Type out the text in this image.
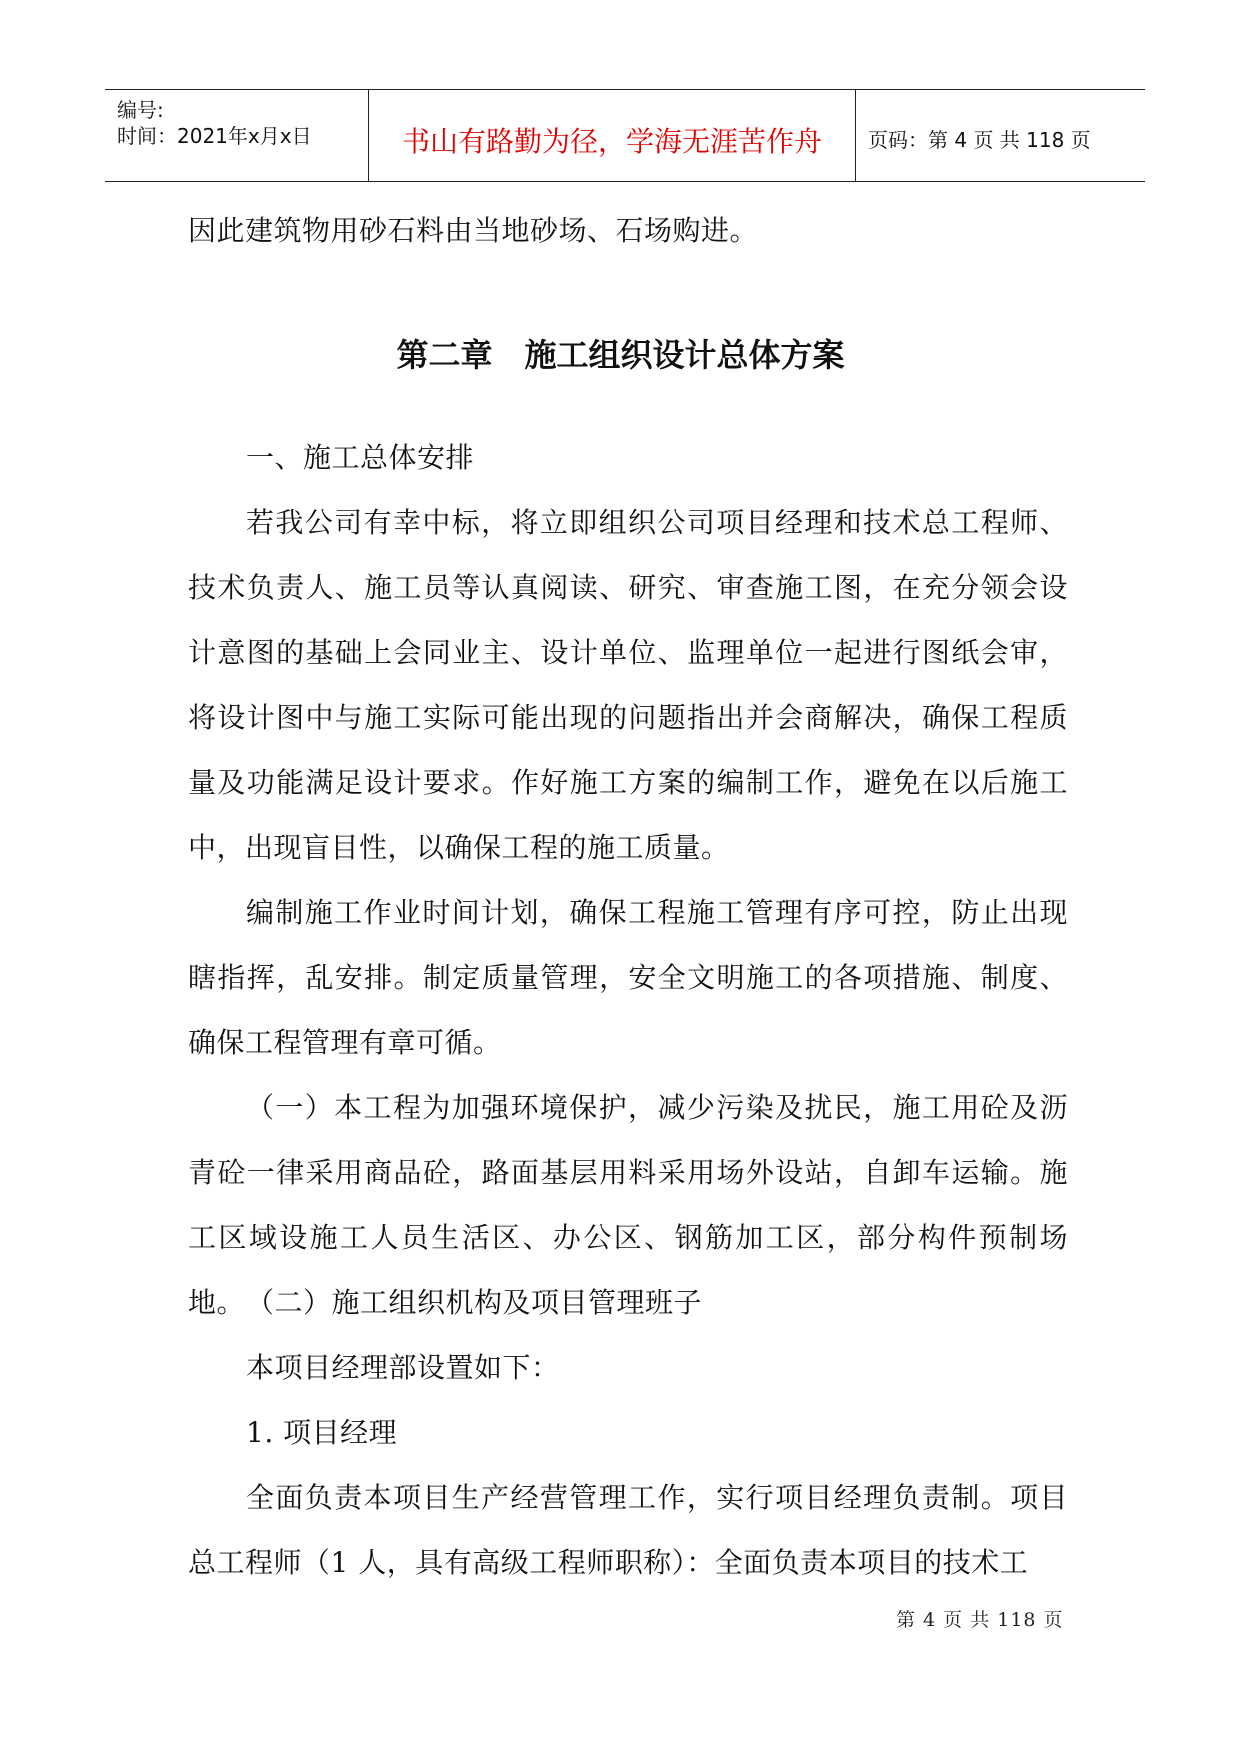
编号:
时间：2021年x月x日	书山有路勤为径，学海无涯苦作舟	页码：第 4 页 共 118 页

因此建筑物用砂石料由当地砂场、石场购进。

第二章　施工组织设计总体方案

一、施工总体安排

若我公司有幸中标，将立即组织公司项目经理和技术总工程师、技术负责人、施工员等认真阅读、研究、审查施工图，在充分领会设计意图的基础上会同业主、设计单位、监理单位一起进行图纸会审，将设计图中与施工实际可能出现的问题指出并会商解决，确保工程质量及功能满足设计要求。作好施工方案的编制工作，避免在以后施工中，出现盲目性，以确保工程的施工质量。

编制施工作业时间计划，确保工程施工管理有序可控，防止出现瞎指挥，乱安排。制定质量管理，安全文明施工的各项措施、制度、确保工程管理有章可循。

（一）本工程为加强环境保护，减少污染及扰民，施工用砼及沥青砼一律采用商品砼，路面基层用料采用场外设站，自卸车运输。施工区域设施工人员生活区、办公区、钢筋加工区，部分构件预制场地。 （二）施工组织机构及项目管理班子

本项目经理部设置如下：

1. 项目经理

全面负责本项目生产经营管理工作，实行项目经理负责制。项目总工程师（1 人，具有高级工程师职称）：全面负责本项目的技术工

第 4 页 共 118 页
